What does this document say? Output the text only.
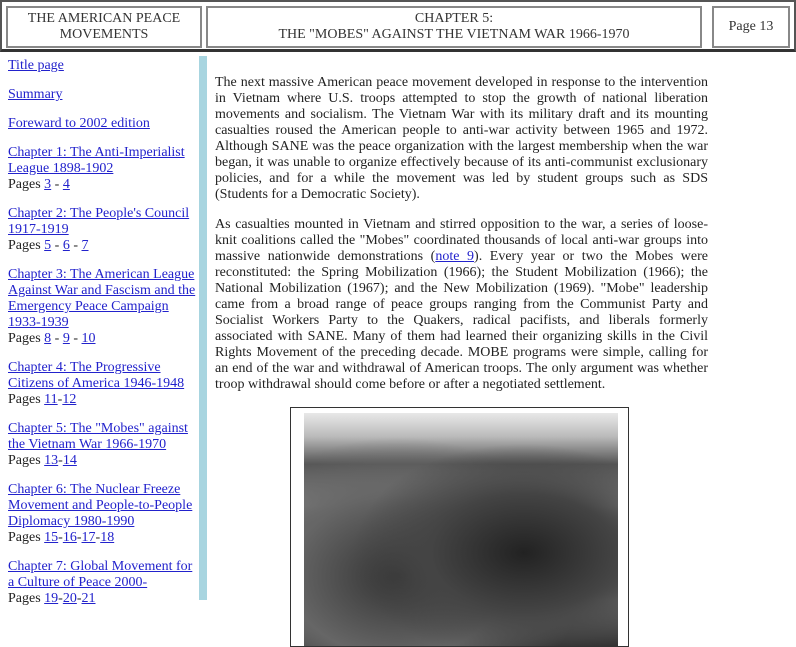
THE AMERICAN PEACE
MOVEMENTS
CHAPTER 5:
THE "MOBES" AGAINST THE VIETNAM WAR 1966-1970
Page 13

Title page

Summary

Foreward to 2002 edition

Chapter 1: The Anti-Imperialist League 1898-1902
Pages 3 - 4

Chapter 2: The People's Council 1917-1919
Pages 5 - 6 - 7

Chapter 3: The American League Against War and Fascism and the Emergency Peace Campaign 1933-1939
Pages 8 - 9 - 10

Chapter 4: The Progressive Citizens of America 1946-1948
Pages 11-12

Chapter 5: The "Mobes" against the Vietnam War 1966-1970
Pages 13-14

Chapter 6: The Nuclear Freeze Movement and People-to-People Diplomacy 1980-1990
Pages 15-16-17-18

Chapter 7: Global Movement for a Culture of Peace 2000-
Pages 19-20-21

The next massive American peace movement developed in response to the intervention in Vietnam where U.S. troops attempted to stop the growth of national liberation movements and socialism. The Vietnam War with its military draft and its mounting casualties roused the American people to anti-war activity between 1965 and 1972. Although SANE was the peace organization with the largest membership when the war began, it was unable to organize effectively because of its anti-communist exclusionary policies, and for a while the movement was led by student groups such as SDS (Students for a Democratic Society).

As casualties mounted in Vietnam and stirred opposition to the war, a series of loose-knit coalitions called the "Mobes" coordinated thousands of local anti-war groups into massive nationwide demonstrations (note 9). Every year or two the Mobes were reconstituted: the Spring Mobilization (1966); the Student Mobilization (1966); the National Mobilization (1967); and the New Mobilization (1969). "Mobe" leadership came from a broad range of peace groups ranging from the Communist Party and Socialist Workers Party to the Quakers, radical pacifists, and liberals formerly associated with SANE. Many of them had learned their organizing skills in the Civil Rights Movement of the preceding decade. MOBE programs were simple, calling for an end of the war and withdrawal of American troops. The only argument was whether troop withdrawal should come before or after a negotiated settlement.
